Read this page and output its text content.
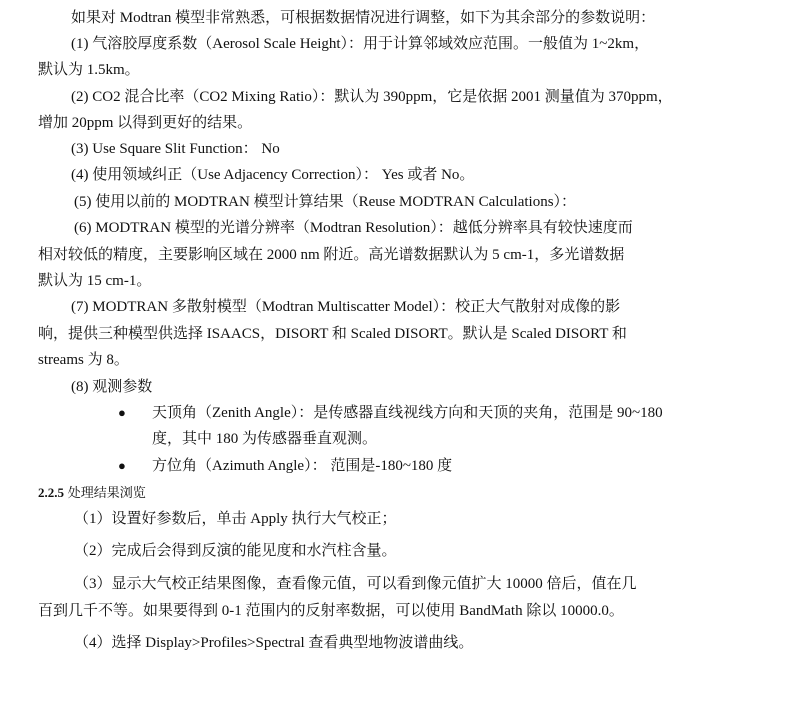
如果对 Modtran 模型非常熟悉，可根据数据情况进行调整，如下为其余部分的参数说明：
(1) 气溶胶厚度系数（Aerosol Scale Height）：用于计算邻域效应范围。一般值为 1~2km，
默认为 1.5km。
(2) CO2 混合比率（CO2 Mixing Ratio）：默认为 390ppm，它是依据 2001 测量值为 370ppm，
增加 20ppm 以得到更好的结果。
(3) Use Square Slit Function： No
(4) 使用领域纠正（Use Adjacency Correction）： Yes 或者 No。
(5) 使用以前的 MODTRAN 模型计算结果（Reuse MODTRAN Calculations）：
(6) MODTRAN 模型的光谱分辨率（Modtran Resolution）：越低分辨率具有较快速度而
相对较低的精度，主要影响区域在 2000 nm 附近。高光谱数据默认为 5 cm-1，多光谱数据
默认为 15 cm-1。
(7) MODTRAN 多散射模型（Modtran Multiscatter Model）：校正大气散射对成像的影
响，提供三种模型供选择 ISAACS，DISORT 和 Scaled DISORT。默认是 Scaled DISORT 和
streams 为 8。
(8) 观测参数
● 天顶角（Zenith Angle）：是传感器直线视线方向和天顶的夹角，范围是 90~180
度，其中 180 为传感器垂直观测。
● 方位角（Azimuth Angle）： 范围是-180~180 度
2.2.5 处理结果浏览
（1）设置好参数后，单击 Apply 执行大气校正；
（2）完成后会得到反演的能见度和水汽柱含量。
（3）显示大气校正结果图像，查看像元值，可以看到像元值扩大 10000 倍后，值在几
百到几千不等。如果要得到 0-1 范围内的反射率数据，可以使用 BandMath 除以 10000.0。
（4）选择 Display>Profiles>Spectral 查看典型地物波谱曲线。
